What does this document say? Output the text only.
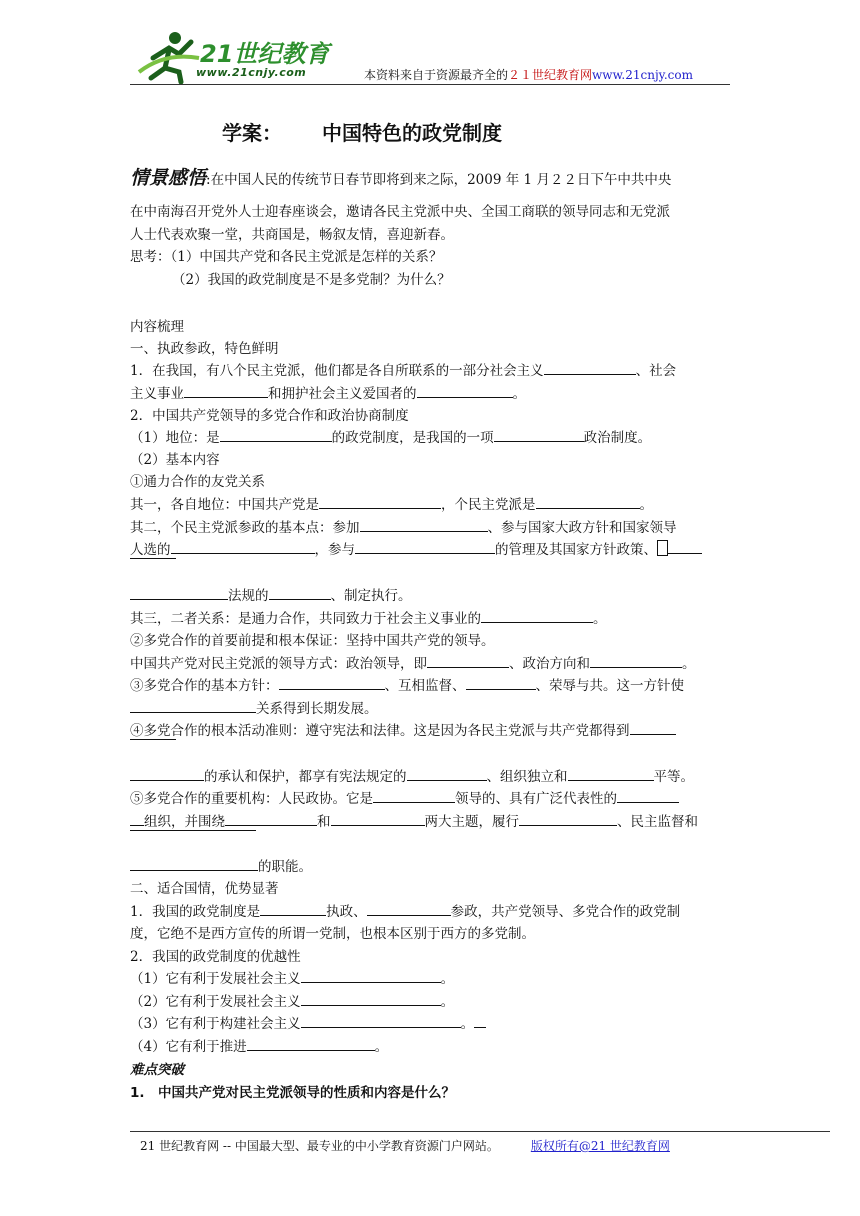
21世纪教育
www.21cnjy.com	本资料来自于资源最齐全的２１世纪教育网www.21cnjy.com
学案： 中国特色的政党制度
情景感悟:在中国人民的传统节日春节即将到来之际，2009 年 1 月２２日下午中共中央
在中南海召开党外人士迎春座谈会，邀请各民主党派中央、全国工商联的领导同志和无党派
人士代表欢聚一堂，共商国是，畅叙友情，喜迎新春。
思考：（1）中国共产党和各民主党派是怎样的关系？
（2）我国的政党制度是不是多党制？为什么？
内容梳理
一、执政参政，特色鲜明
1．在我国，有八个民主党派，他们都是各自所联系的一部分社会主义	、社会
主义事业	和拥护社会主义爱国者的	。
2．中国共产党领导的多党合作和政治协商制度
（1）地位：是	的政党制度，是我国的一项	政治制度。
（2）基本内容
①通力合作的友党关系
其一，各自地位：中国共产党是	，个民主党派是	。
其二，个民主党派参政的基本点：参加	、参与国家大政方针和国家领导
人选的	，参与	的管理及其国家方针政策、
法规的	、制定执行。
其三，二者关系：是通力合作，共同致力于社会主义事业的	。
②多党合作的首要前提和根本保证：坚持中国共产党的领导。
中国共产党对民主党派的领导方式：政治领导，即	、政治方向和	。
③多党合作的基本方针：	、互相监督、	、荣辱与共。这一方针使
关系得到长期发展。
④多党合作的根本活动准则：遵守宪法和法律。这是因为各民主党派与共产党都得到
的承认和保护，都享有宪法规定的	、组织独立和	平等。
⑤多党合作的重要机构：人民政协。它是	领导的、具有广泛代表性的
组织，并围绕	和	两大主题，履行	、民主监督和
的职能。
二、适合国情，优势显著
1．我国的政党制度是	执政、	参政，共产党领导、多党合作的政党制
度，它绝不是西方宣传的所谓一党制，也根本区别于西方的多党制。
2．我国的政党制度的优越性
（1）它有利于发展社会主义	。
（2）它有利于发展社会主义	。
（3）它有利于构建社会主义	。
（4）它有利于推进	。
难点突破
1.　中国共产党对民主党派领导的性质和内容是什么？
21 世纪教育网 -- 中国最大型、最专业的中小学教育资源门户网站。	版权所有@21 世纪教育网
